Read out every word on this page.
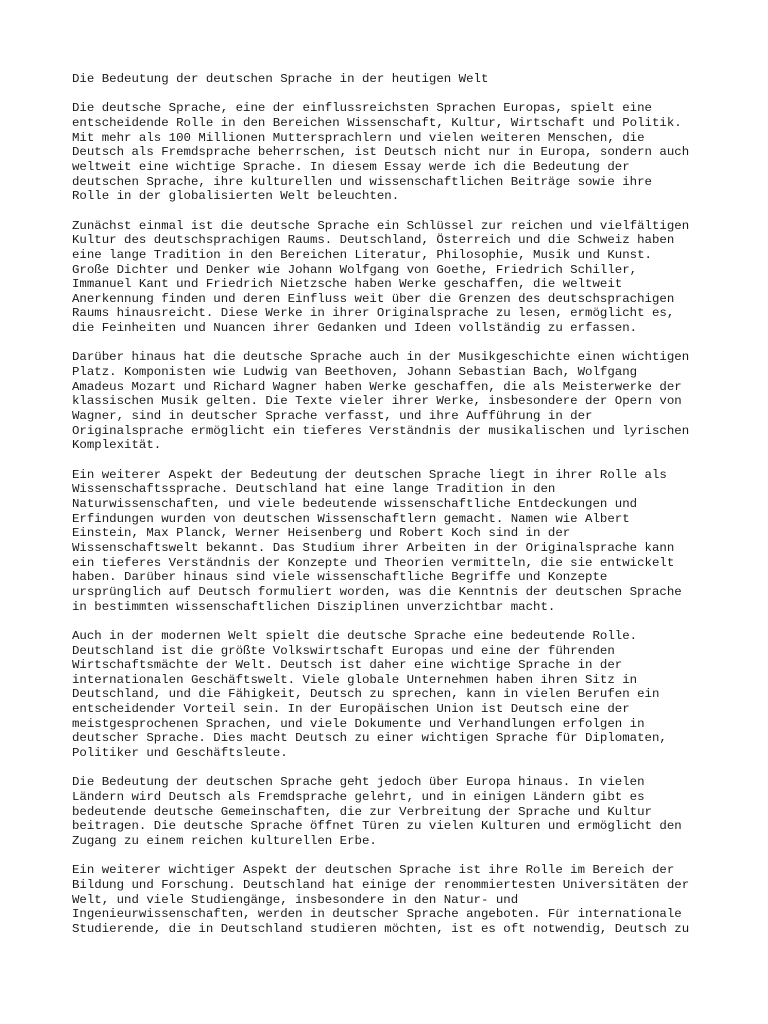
Die Bedeutung der deutschen Sprache in der heutigen Welt
Die deutsche Sprache, eine der einflussreichsten Sprachen Europas, spielt eine
entscheidende Rolle in den Bereichen Wissenschaft, Kultur, Wirtschaft und Politik.
Mit mehr als 100 Millionen Muttersprachlern und vielen weiteren Menschen, die
Deutsch als Fremdsprache beherrschen, ist Deutsch nicht nur in Europa, sondern auch
weltweit eine wichtige Sprache. In diesem Essay werde ich die Bedeutung der
deutschen Sprache, ihre kulturellen und wissenschaftlichen Beiträge sowie ihre
Rolle in der globalisierten Welt beleuchten.
Zunächst einmal ist die deutsche Sprache ein Schlüssel zur reichen und vielfältigen
Kultur des deutschsprachigen Raums. Deutschland, Österreich und die Schweiz haben
eine lange Tradition in den Bereichen Literatur, Philosophie, Musik und Kunst.
Große Dichter und Denker wie Johann Wolfgang von Goethe, Friedrich Schiller,
Immanuel Kant und Friedrich Nietzsche haben Werke geschaffen, die weltweit
Anerkennung finden und deren Einfluss weit über die Grenzen des deutschsprachigen
Raums hinausreicht. Diese Werke in ihrer Originalsprache zu lesen, ermöglicht es,
die Feinheiten und Nuancen ihrer Gedanken und Ideen vollständig zu erfassen.
Darüber hinaus hat die deutsche Sprache auch in der Musikgeschichte einen wichtigen
Platz. Komponisten wie Ludwig van Beethoven, Johann Sebastian Bach, Wolfgang
Amadeus Mozart und Richard Wagner haben Werke geschaffen, die als Meisterwerke der
klassischen Musik gelten. Die Texte vieler ihrer Werke, insbesondere der Opern von
Wagner, sind in deutscher Sprache verfasst, und ihre Aufführung in der
Originalsprache ermöglicht ein tieferes Verständnis der musikalischen und lyrischen
Komplexität.
Ein weiterer Aspekt der Bedeutung der deutschen Sprache liegt in ihrer Rolle als
Wissenschaftssprache. Deutschland hat eine lange Tradition in den
Naturwissenschaften, und viele bedeutende wissenschaftliche Entdeckungen und
Erfindungen wurden von deutschen Wissenschaftlern gemacht. Namen wie Albert
Einstein, Max Planck, Werner Heisenberg und Robert Koch sind in der
Wissenschaftswelt bekannt. Das Studium ihrer Arbeiten in der Originalsprache kann
ein tieferes Verständnis der Konzepte und Theorien vermitteln, die sie entwickelt
haben. Darüber hinaus sind viele wissenschaftliche Begriffe und Konzepte
ursprünglich auf Deutsch formuliert worden, was die Kenntnis der deutschen Sprache
in bestimmten wissenschaftlichen Disziplinen unverzichtbar macht.
Auch in der modernen Welt spielt die deutsche Sprache eine bedeutende Rolle.
Deutschland ist die größte Volkswirtschaft Europas und eine der führenden
Wirtschaftsmächte der Welt. Deutsch ist daher eine wichtige Sprache in der
internationalen Geschäftswelt. Viele globale Unternehmen haben ihren Sitz in
Deutschland, und die Fähigkeit, Deutsch zu sprechen, kann in vielen Berufen ein
entscheidender Vorteil sein. In der Europäischen Union ist Deutsch eine der
meistgesprochenen Sprachen, und viele Dokumente und Verhandlungen erfolgen in
deutscher Sprache. Dies macht Deutsch zu einer wichtigen Sprache für Diplomaten,
Politiker und Geschäftsleute.
Die Bedeutung der deutschen Sprache geht jedoch über Europa hinaus. In vielen
Ländern wird Deutsch als Fremdsprache gelehrt, und in einigen Ländern gibt es
bedeutende deutsche Gemeinschaften, die zur Verbreitung der Sprache und Kultur
beitragen. Die deutsche Sprache öffnet Türen zu vielen Kulturen und ermöglicht den
Zugang zu einem reichen kulturellen Erbe.
Ein weiterer wichtiger Aspekt der deutschen Sprache ist ihre Rolle im Bereich der
Bildung und Forschung. Deutschland hat einige der renommiertesten Universitäten der
Welt, und viele Studiengänge, insbesondere in den Natur- und
Ingenieurwissenschaften, werden in deutscher Sprache angeboten. Für internationale
Studierende, die in Deutschland studieren möchten, ist es oft notwendig, Deutsch zu
